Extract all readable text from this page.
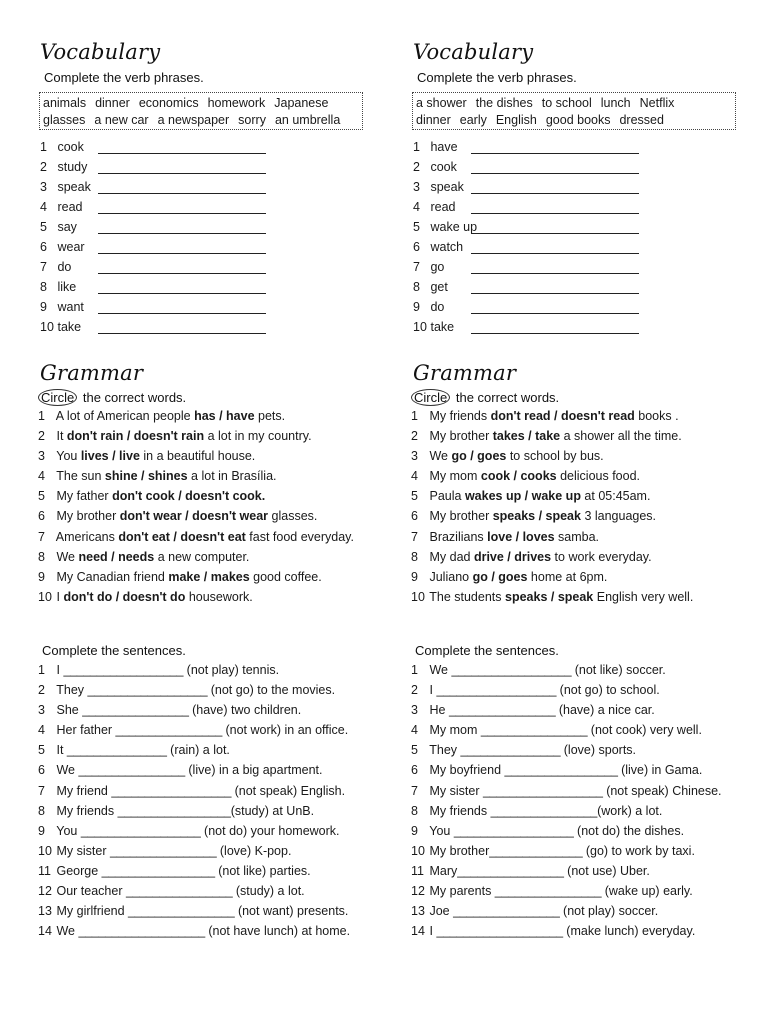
Vocabulary

Complete the verb phrases.

animals dinner economics homework Japanese
glasses a new car a newspaper sorry an umbrella
1 cook
2 study
3 speak
4 read
5 say
6 wear
7 do
8 like
9 want
10 take
Grammar

Circle the correct words.

1 A lot of American people has / have pets.
2 It don't rain / doesn't rain a lot in my country.
3 You lives / live in a beautiful house.
4 The sun shine / shines a lot in Brasília.
5 My father don't cook / doesn't cook.
6 My brother don't wear / doesn't wear glasses.
7 Americans don't eat / doesn't eat fast food everyday.
8 We need / needs a new computer.
9 My Canadian friend make / makes good coffee.
10 I don't do / doesn't do housework.

Complete the sentences.

1 I __________________ (not play) tennis.
2 They __________________ (not go) to the movies.
3 She ________________ (have) two children.
4 Her father ________________ (not work) in an office.
5 It _______________ (rain) a lot.
6 We ________________ (live) in a big apartment.
7 My friend __________________ (not speak) English.
8 My friends _________________(study) at UnB.
9 You __________________ (not do) your homework.
10 My sister ________________ (love) K-pop.
11 George _________________ (not like) parties.
12 Our teacher ________________ (study) a lot.
13 My girlfriend ________________ (not want) presents.
14 We ___________________ (not have lunch) at home.
Vocabulary

Complete the verb phrases.

a shower the dishes to school lunch Netflix
dinner early English good books dressed
1 have
2 cook
3 speak
4 read
5 wake up
6 watch
7 go
8 get
9 do
10 take
Grammar

Circle the correct words.

1 My friends don't read / doesn't read books .
2 My brother takes / take a shower all the time.
3 We go / goes to school by bus.
4 My mom cook / cooks delicious food.
5 Paula wakes up / wake up at 05:45am.
6 My brother speaks / speak 3 languages.
7 Brazilians love / loves samba.
8 My dad drive / drives to work everyday.
9 Juliano go / goes home at 6pm.
10 The students speaks / speak English very well.

Complete the sentences.

1 We __________________ (not like) soccer.
2 I __________________ (not go) to school.
3 He ________________ (have) a nice car.
4 My mom ________________ (not cook) very well.
5 They _______________ (love) sports.
6 My boyfriend _________________ (live) in Gama.
7 My sister __________________ (not speak) Chinese.
8 My friends ________________(work) a lot.
9 You __________________ (not do) the dishes.
10 My brother______________ (go) to work by taxi.
11 Mary________________ (not use) Uber.
12 My parents ________________ (wake up) early.
13 Joe ________________ (not play) soccer.
14 I ___________________ (make lunch) everyday.
